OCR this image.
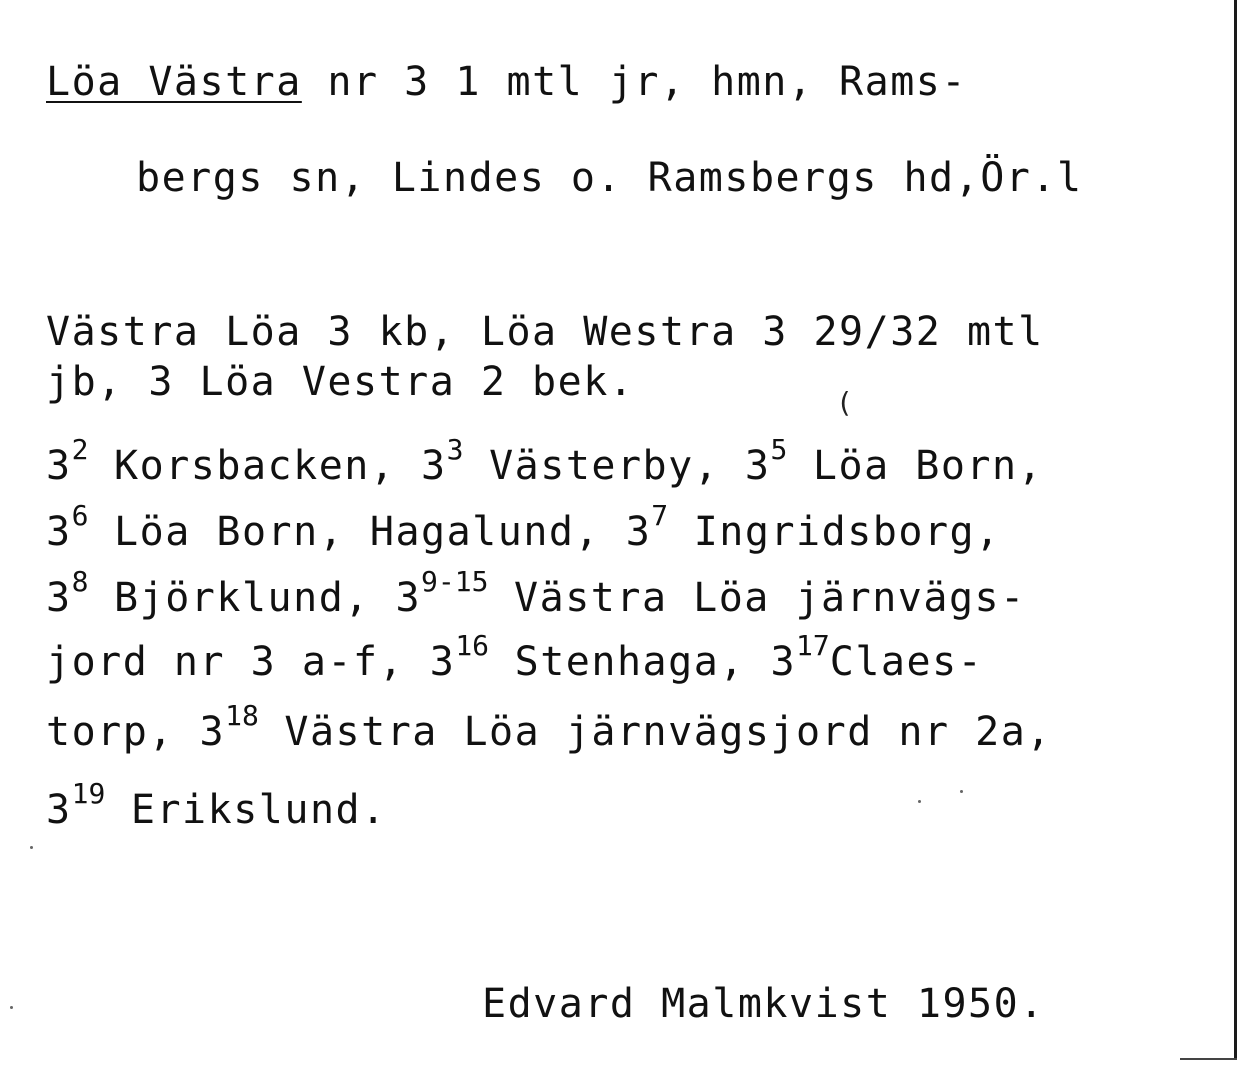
Löa Västra nr 3 1 mtl jr, hmn, Rams-
bergs sn, Lindes o. Ramsbergs hd,Ör.l
Västra Löa 3 kb, Löa Westra 3 29/32 mtl
jb, 3 Löa Vestra 2 bek.
$3^2$ Korsbacken, $3^3$ Västerby, $3^5$ Löa Born,
$3^6$ Löa Born, Hagalund, $3^7$ Ingridsborg,
$3^8$ Björklund, 3$^{9-15}$ Västra Löa järnvägs-
jord nr 3 a-f, $3^{16}$ Stenhaga, $3^{17}Claes-$
torp, $3^{18}$ Västra Löa järnvägsjord nr 2a,
$3^{19}$ Erikslund.
Edvard Malmkvist 1950.
(
